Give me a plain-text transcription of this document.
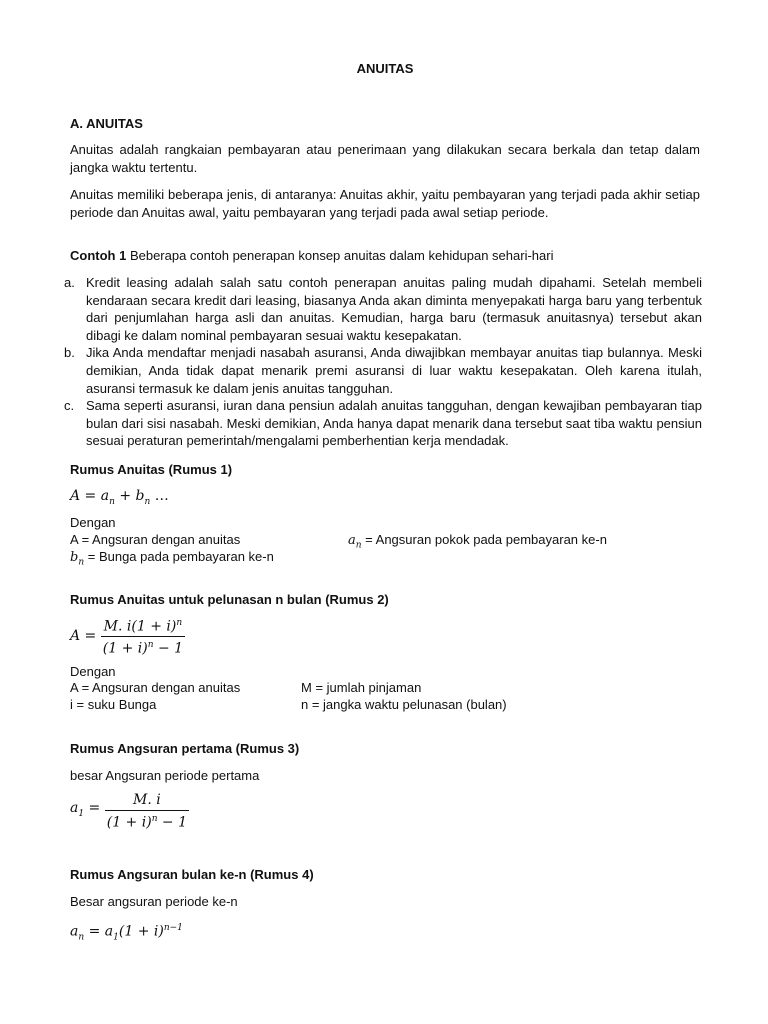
ANUITAS
A. ANUITAS
Anuitas adalah rangkaian pembayaran atau penerimaan yang dilakukan secara berkala dan tetap dalam jangka waktu tertentu.
Anuitas memiliki beberapa jenis, di antaranya: Anuitas akhir, yaitu pembayaran yang terjadi pada akhir setiap periode dan Anuitas awal, yaitu pembayaran yang terjadi pada awal setiap periode.
Contoh 1 Beberapa contoh penerapan konsep anuitas dalam kehidupan sehari-hari
a. Kredit leasing adalah salah satu contoh penerapan anuitas paling mudah dipahami. Setelah membeli kendaraan secara kredit dari leasing, biasanya Anda akan diminta menyepakati harga baru yang terbentuk dari penjumlahan harga asli dan anuitas. Kemudian, harga baru (termasuk anuitasnya) tersebut akan dibagi ke dalam nominal pembayaran sesuai waktu kesepakatan.
b. Jika Anda mendaftar menjadi nasabah asuransi, Anda diwajibkan membayar anuitas tiap bulannya. Meski demikian, Anda tidak dapat menarik premi asuransi di luar waktu kesepakatan. Oleh karena itulah, asuransi termasuk ke dalam jenis anuitas tangguhan.
c. Sama seperti asuransi, iuran dana pensiun adalah anuitas tangguhan, dengan kewajiban pembayaran tiap bulan dari sisi nasabah. Meski demikian, Anda hanya dapat menarik dana tersebut saat tiba waktu pensiun sesuai peraturan pemerintah/mengalami pemberhentian kerja mendadak.
Rumus Anuitas (Rumus 1)
$A = a_n + b_n$ …
Dengan
A = Angsuran dengan anuitas	$a_n$ = Angsuran pokok pada pembayaran ke-n
$b_n$ = Bunga pada pembayaran ke-n
Rumus Anuitas untuk pelunasan n bulan (Rumus 2)
$A = \frac{M. i(1 + i)^n}{(1 + i)^n - 1}$
Dengan
A = Angsuran dengan anuitas	M = jumlah pinjaman
i = suku Bunga	n = jangka waktu pelunasan (bulan)
Rumus Angsuran pertama (Rumus 3)
besar Angsuran periode pertama
$a_1 = \frac{M. i}{(1 + i)^n - 1}$
Rumus Angsuran bulan ke-n (Rumus 4)
Besar angsuran periode ke-n
$a_n = a_1(1 + i)^{n-1}$
